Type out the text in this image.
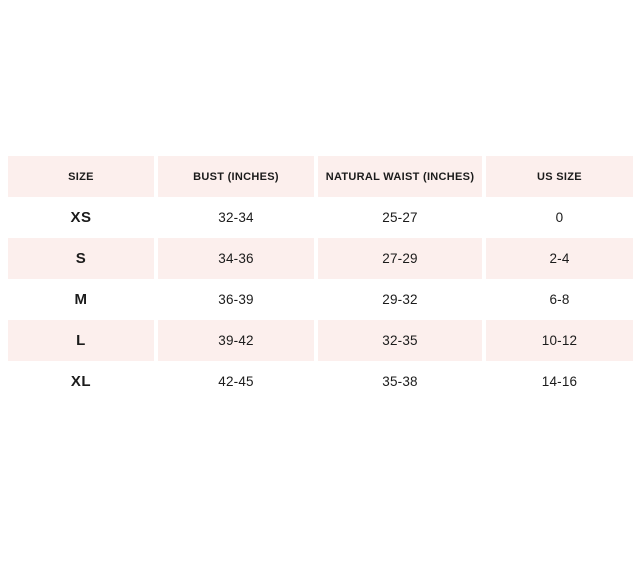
SIZE	BUST (INCHES)	NATURAL WAIST (INCHES)	US SIZE
XS	32-34	25-27	0
S	34-36	27-29	2-4
M	36-39	29-32	6-8
L	39-42	32-35	10-12
XL	42-45	35-38	14-16
